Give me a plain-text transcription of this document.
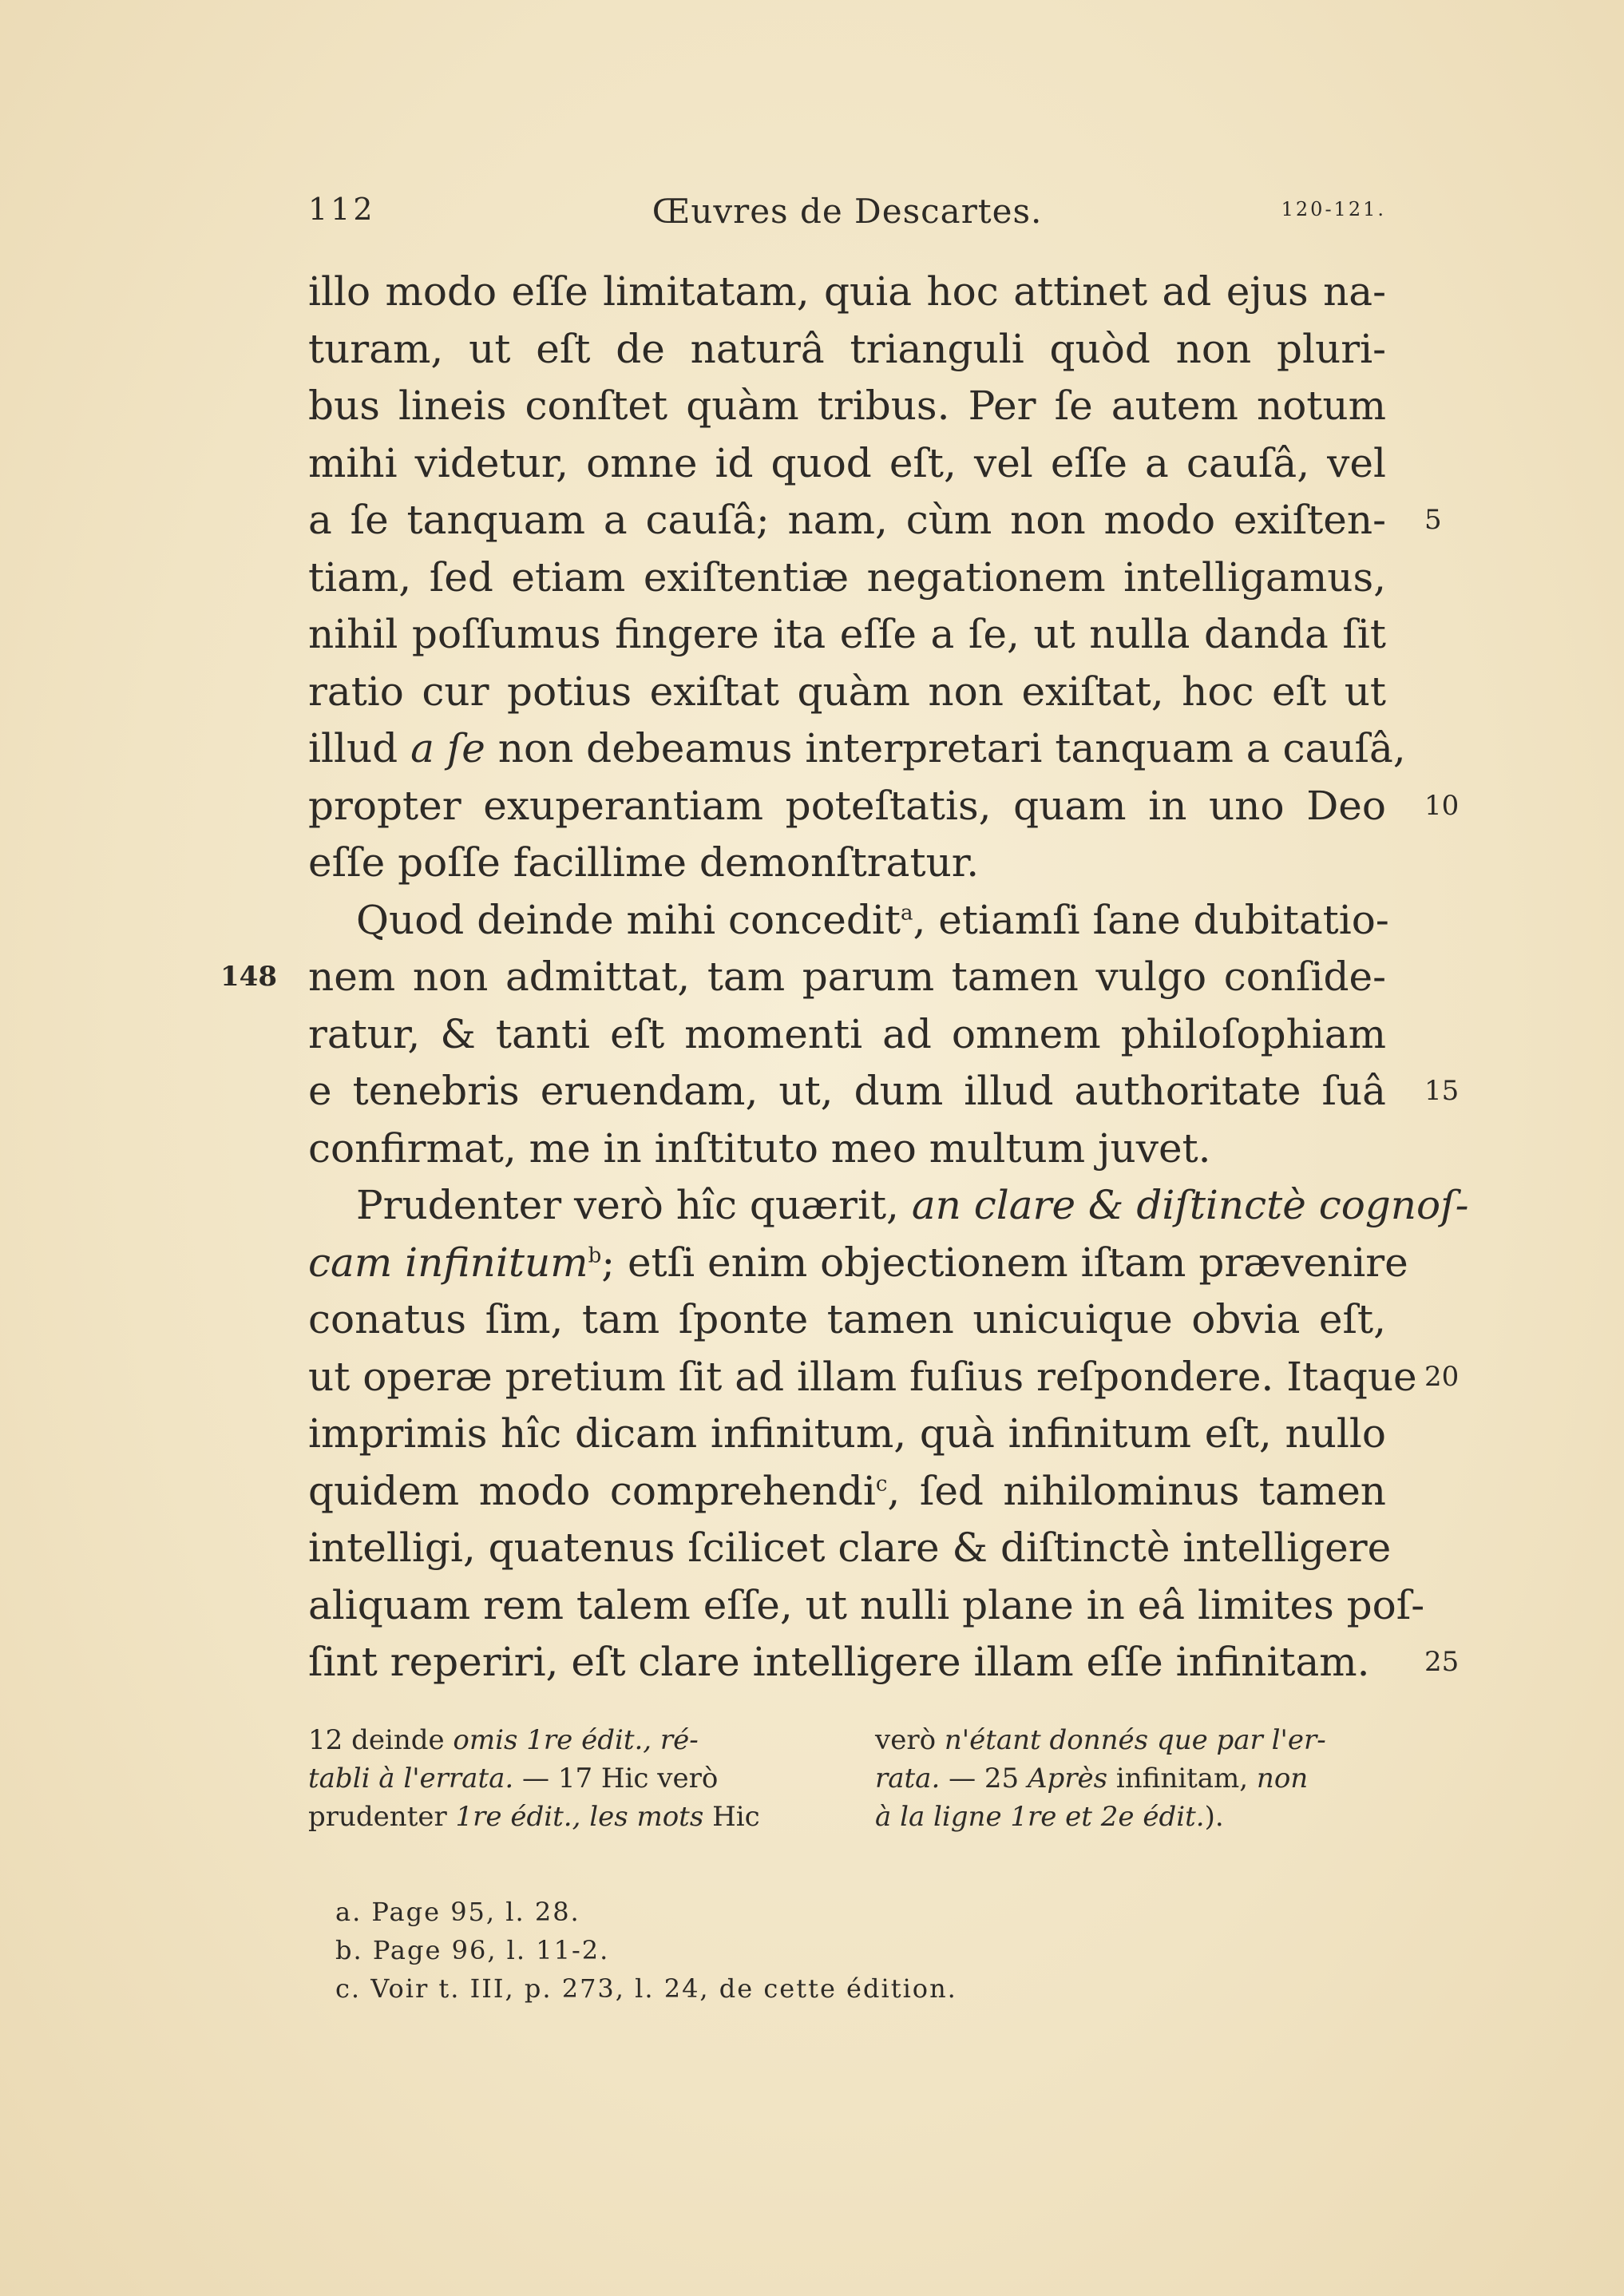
112	Œuvres de Descartes.	120-121.
illo modo eſſe limitatam, quia hoc attinet ad ejus na-
turam, ut eſt de naturâ trianguli quòd non pluri-
bus lineis conſtet quàm tribus. Per ſe autem notum
mihi videtur, omne id quod eſt, vel eſſe a cauſâ, vel
a ſe tanquam a cauſâ; nam, cùm non modo exiſten- 5
tiam, ſed etiam exiſtentiæ negationem intelligamus,
nihil poſſumus fingere ita eſſe a ſe, ut nulla danda ſit
ratio cur potius exiſtat quàm non exiſtat, hoc eſt ut
illud a ſe non debeamus interpretari tanquam a cauſâ,
propter exuperantiam poteſtatis, quam in uno Deo 10
eſſe poſſe facillime demonſtratur.
Quod deinde mihi concedit$^a$, etiamſi ſane dubitatio-
nem non admittat, tam parum tamen vulgo conſide-
148
ratur, & tanti eſt momenti ad omnem philoſophiam
e tenebris eruendam, ut, dum illud authoritate ſuâ 15
confirmat, me in inſtituto meo multum juvet.
Prudenter verò hîc quærit, an clare & diſtinctè cognoſ-
cam infinitum$^b$; etſi enim objectionem iſtam prævenire
conatus ſim, tam ſponte tamen unicuique obvia eſt,
ut operæ pretium ſit ad illam fuſius reſpondere. Itaque 20
imprimis hîc dicam infinitum, quà infinitum eſt, nullo
quidem modo comprehendi$^c$, ſed nihilominus tamen
intelligi, quatenus ſcilicet clare & diſtinctè intelligere
aliquam rem talem eſſe, ut nulli plane in eâ limites poſ-
ſint reperiri, eſt clare intelligere illam eſſe infinitam. 25
12 deinde omis 1re édit., ré-
tabli à l'errata. — 17 Hic verò
prudenter 1re édit., les mots Hic
verò n'étant donnés que par l'er-
rata. — 25 Après infinitam, non
à la ligne 1re et 2e édit.).
a. Page 95, l. 28.
b. Page 96, l. 11-2.
c. Voir t. III, p. 273, l. 24, de cette édition.
